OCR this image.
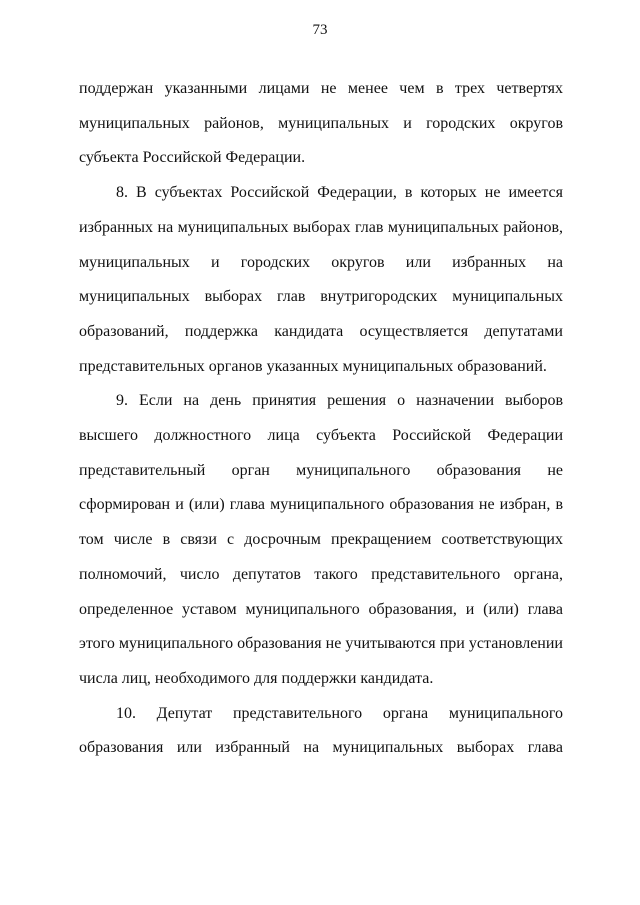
73

поддержан указанными лицами не менее чем в трех четвертях муниципальных районов, муниципальных и городских округов субъекта Российской Федерации.

8. В субъектах Российской Федерации, в которых не имеется избранных на муниципальных выборах глав муниципальных районов, муниципальных и городских округов или избранных на муниципальных выборах глав внутригородских муниципальных образований, поддержка кандидата осуществляется депутатами представительных органов указанных муниципальных образований.

9. Если на день принятия решения о назначении выборов высшего должностного лица субъекта Российской Федерации представительный орган муниципального образования не сформирован и (или) глава муниципального образования не избран, в том числе в связи с досрочным прекращением соответствующих полномочий, число депутатов такого представительного органа, определенное уставом муниципального образования, и (или) глава этого муниципального образования не учитываются при установлении числа лиц, необходимого для поддержки кандидата.

10. Депутат представительного органа муниципального образования или избранный на муниципальных выборах глава
